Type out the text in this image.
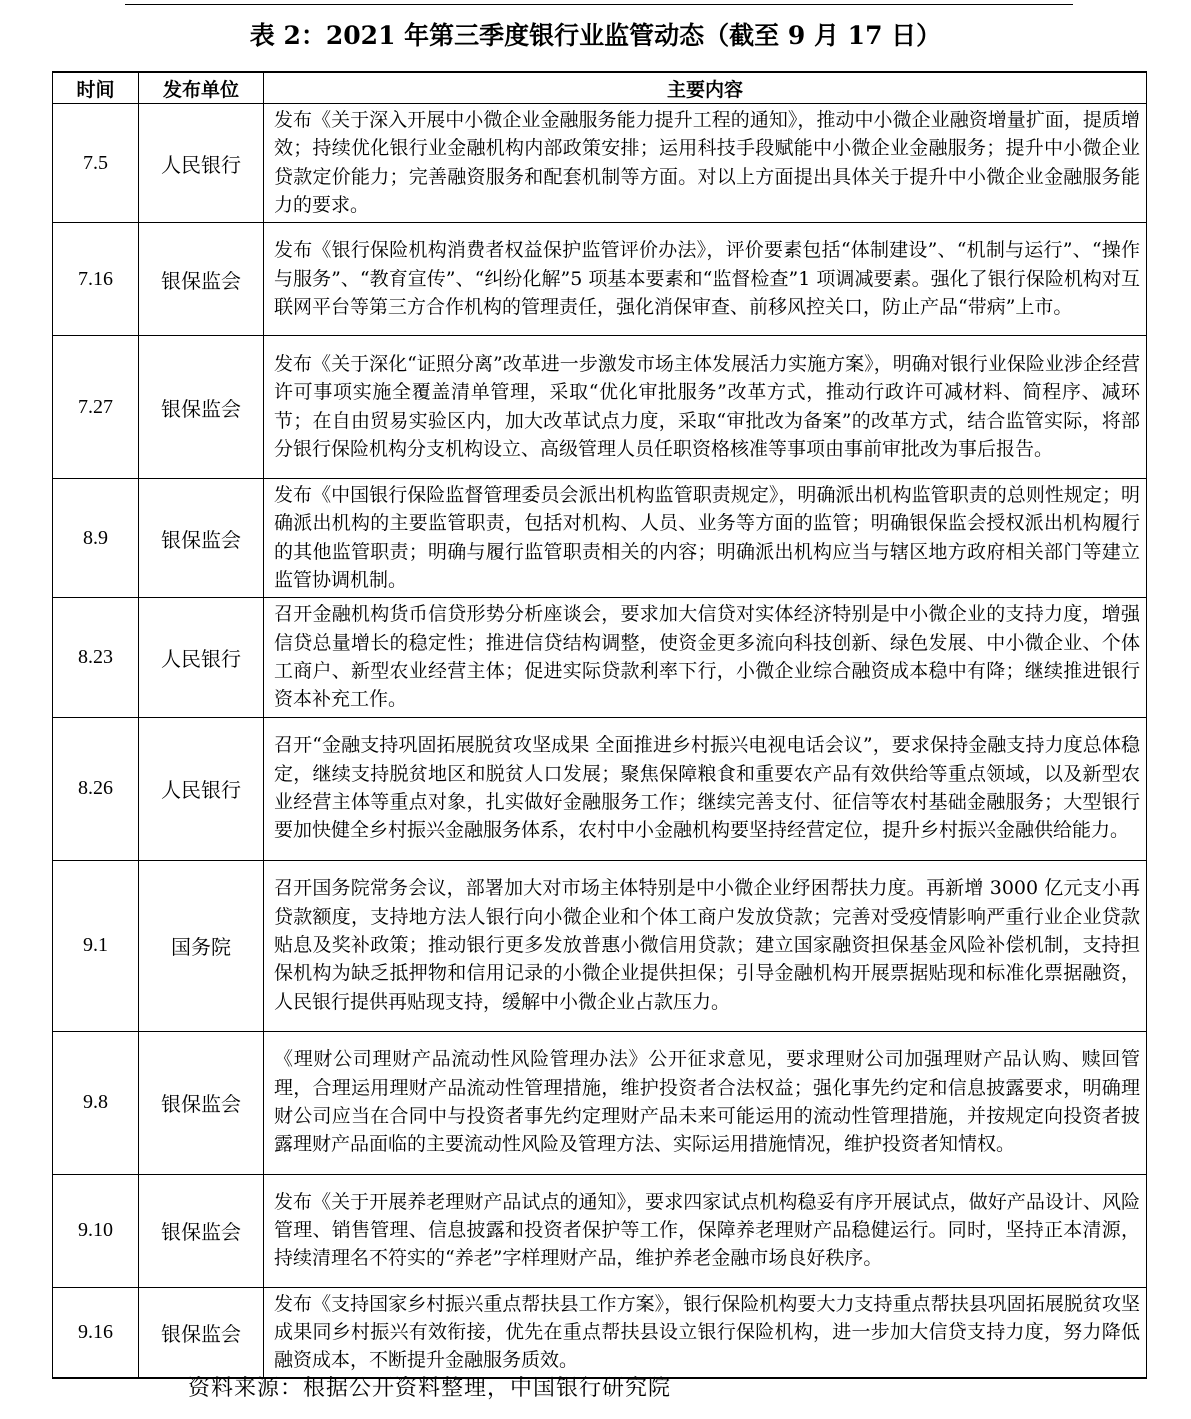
表 2：2021 年第三季度银行业监管动态（截至 9 月 17 日）
时间	发布单位	主要内容
7.5	人民银行	发布《关于深入开展中小微企业金融服务能力提升工程的通知》，推动中小微企业融资增量扩面，提质增效；持续优化银行业金融机构内部政策安排；运用科技手段赋能中小微企业金融服务；提升中小微企业贷款定价能力；完善融资服务和配套机制等方面。对以上方面提出具体关于提升中小微企业金融服务能力的要求。
7.16	银保监会	发布《银行保险机构消费者权益保护监管评价办法》，评价要素包括“体制建设”、“机制与运行”、“操作与服务”、“教育宣传”、“纠纷化解”5 项基本要素和“监督检查”1 项调减要素。强化了银行保险机构对互联网平台等第三方合作机构的管理责任，强化消保审查、前移风控关口，防止产品“带病”上市。
7.27	银保监会	发布《关于深化“证照分离”改革进一步激发市场主体发展活力实施方案》，明确对银行业保险业涉企经营许可事项实施全覆盖清单管理，采取“优化审批服务”改革方式，推动行政许可减材料、简程序、减环节；在自由贸易实验区内，加大改革试点力度，采取“审批改为备案”的改革方式，结合监管实际，将部分银行保险机构分支机构设立、高级管理人员任职资格核准等事项由事前审批改为事后报告。
8.9	银保监会	发布《中国银行保险监督管理委员会派出机构监管职责规定》，明确派出机构监管职责的总则性规定；明确派出机构的主要监管职责，包括对机构、人员、业务等方面的监管；明确银保监会授权派出机构履行的其他监管职责；明确与履行监管职责相关的内容；明确派出机构应当与辖区地方政府相关部门等建立监管协调机制。
8.23	人民银行	召开金融机构货币信贷形势分析座谈会，要求加大信贷对实体经济特别是中小微企业的支持力度，增强信贷总量增长的稳定性；推进信贷结构调整，使资金更多流向科技创新、绿色发展、中小微企业、个体工商户、新型农业经营主体；促进实际贷款利率下行，小微企业综合融资成本稳中有降；继续推进银行资本补充工作。
8.26	人民银行	召开“金融支持巩固拓展脱贫攻坚成果 全面推进乡村振兴电视电话会议”，要求保持金融支持力度总体稳定，继续支持脱贫地区和脱贫人口发展；聚焦保障粮食和重要农产品有效供给等重点领域，以及新型农业经营主体等重点对象，扎实做好金融服务工作；继续完善支付、征信等农村基础金融服务；大型银行要加快健全乡村振兴金融服务体系，农村中小金融机构要坚持经营定位，提升乡村振兴金融供给能力。
9.1	国务院	召开国务院常务会议，部署加大对市场主体特别是中小微企业纾困帮扶力度。再新增 3000 亿元支小再贷款额度，支持地方法人银行向小微企业和个体工商户发放贷款；完善对受疫情影响严重行业企业贷款贴息及奖补政策；推动银行更多发放普惠小微信用贷款；建立国家融资担保基金风险补偿机制，支持担保机构为缺乏抵押物和信用记录的小微企业提供担保；引导金融机构开展票据贴现和标准化票据融资，人民银行提供再贴现支持，缓解中小微企业占款压力。
9.8	银保监会	《理财公司理财产品流动性风险管理办法》公开征求意见，要求理财公司加强理财产品认购、赎回管理，合理运用理财产品流动性管理措施，维护投资者合法权益；强化事先约定和信息披露要求，明确理财公司应当在合同中与投资者事先约定理财产品未来可能运用的流动性管理措施，并按规定向投资者披露理财产品面临的主要流动性风险及管理方法、实际运用措施情况，维护投资者知情权。
9.10	银保监会	发布《关于开展养老理财产品试点的通知》，要求四家试点机构稳妥有序开展试点，做好产品设计、风险管理、销售管理、信息披露和投资者保护等工作，保障养老理财产品稳健运行。同时，坚持正本清源，持续清理名不符实的“养老”字样理财产品，维护养老金融市场良好秩序。
9.16	银保监会	发布《支持国家乡村振兴重点帮扶县工作方案》，银行保险机构要大力支持重点帮扶县巩固拓展脱贫攻坚成果同乡村振兴有效衔接，优先在重点帮扶县设立银行保险机构，进一步加大信贷支持力度，努力降低融资成本，不断提升金融服务质效。
资料来源：根据公开资料整理，中国银行研究院
